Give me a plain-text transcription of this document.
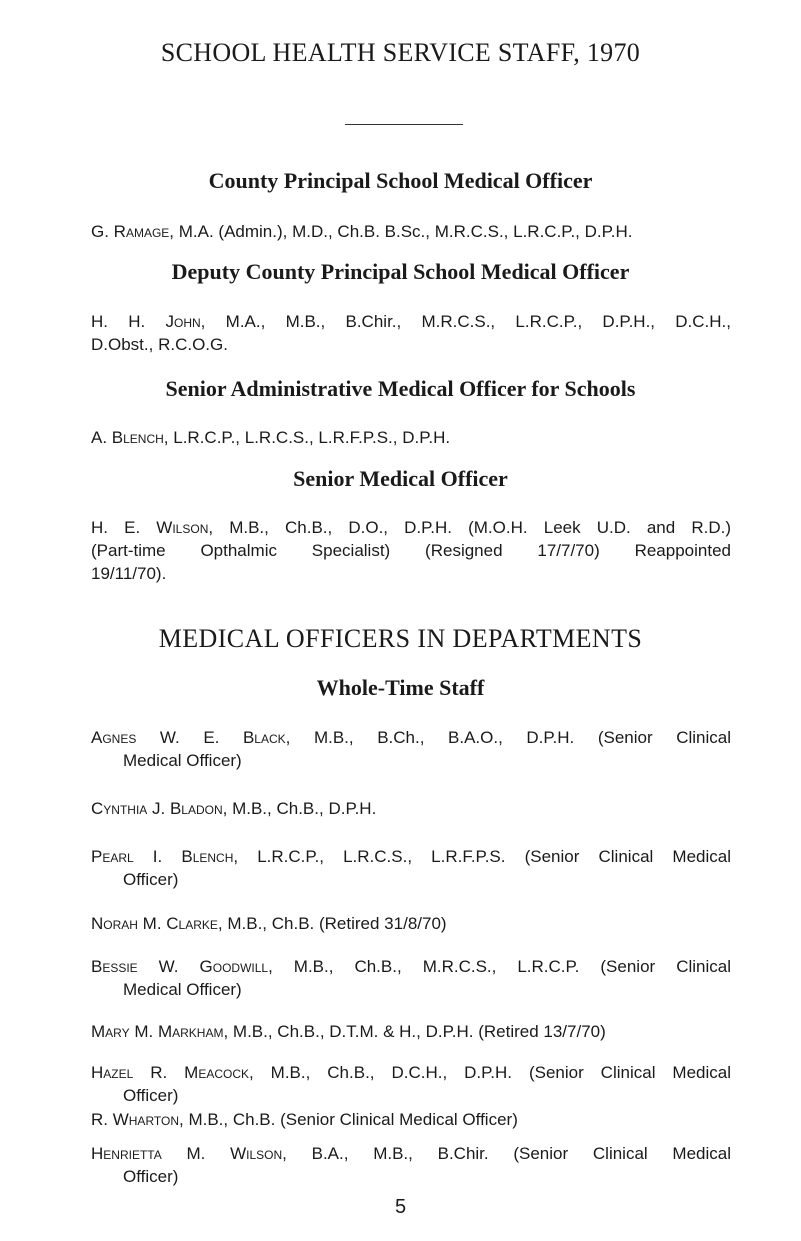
SCHOOL HEALTH SERVICE STAFF, 1970
County Principal School Medical Officer
G. Ramage, M.A. (Admin.), M.D., Ch.B. B.Sc., M.R.C.S., L.R.C.P., D.P.H.
Deputy County Principal School Medical Officer
H. H. John, M.A., M.B., B.Chir., M.R.C.S., L.R.C.P., D.P.H., D.C.H.,
D.Obst., R.C.O.G.
Senior Administrative Medical Officer for Schools
A. Blench, L.R.C.P., L.R.C.S., L.R.F.P.S., D.P.H.
Senior Medical Officer
H. E. Wilson, M.B., Ch.B., D.O., D.P.H. (M.O.H. Leek U.D. and R.D.)
(Part-time Opthalmic Specialist) (Resigned 17/7/70) Reappointed
19/11/70).
MEDICAL OFFICERS IN DEPARTMENTS
Whole-Time Staff
Agnes W. E. Black, M.B., B.Ch., B.A.O., D.P.H. (Senior Clinical
Medical Officer)
Cynthia J. Bladon, M.B., Ch.B., D.P.H.
Pearl I. Blench, L.R.C.P., L.R.C.S., L.R.F.P.S. (Senior Clinical Medical
Officer)
Norah M. Clarke, M.B., Ch.B. (Retired 31/8/70)
Bessie W. Goodwill, M.B., Ch.B., M.R.C.S., L.R.C.P. (Senior Clinical
Medical Officer)
Mary M. Markham, M.B., Ch.B., D.T.M. & H., D.P.H. (Retired 13/7/70)
Hazel R. Meacock, M.B., Ch.B., D.C.H., D.P.H. (Senior Clinical Medical
Officer)
R. Wharton, M.B., Ch.B. (Senior Clinical Medical Officer)
5
Henrietta M. Wilson, B.A., M.B., B.Chir. (Senior Clinical Medical
Officer)
